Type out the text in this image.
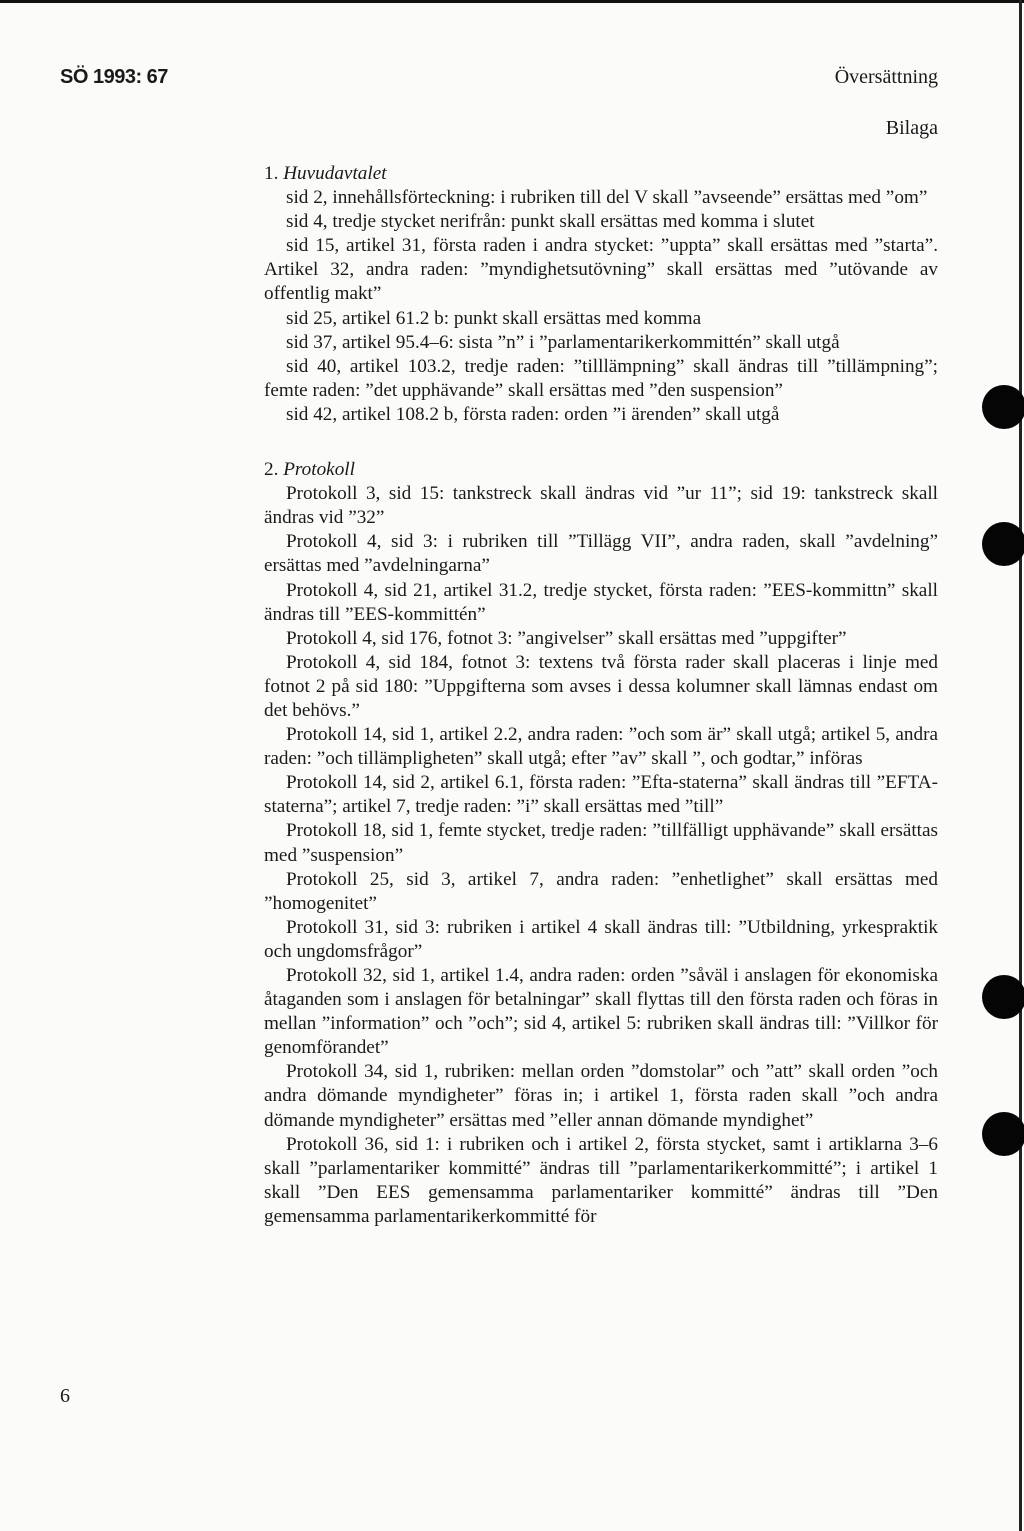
SÖ 1993: 67	Översättning
Bilaga
1. Huvudavtalet

sid 2, innehållsförteckning: i rubriken till del V skall ”avseende” ersättas med ”om”

sid 4, tredje stycket nerifrån: punkt skall ersättas med komma i slutet

sid 15, artikel 31, första raden i andra stycket: ”uppta” skall ersättas med ”starta”. Artikel 32, andra raden: ”myndighetsutövning” skall ersättas med ”utövande av offentlig makt”

sid 25, artikel 61.2 b: punkt skall ersättas med komma

sid 37, artikel 95.4–6: sista ”n” i ”parlamentarikerkommittén” skall utgå

sid 40, artikel 103.2, tredje raden: ”tilllämpning” skall ändras till ”tillämpning”; femte raden: ”det upphävande” skall ersättas med ”den suspension”

sid 42, artikel 108.2 b, första raden: orden ”i ärenden” skall utgå

2. Protokoll

Protokoll 3, sid 15: tankstreck skall ändras vid ”ur 11”; sid 19: tankstreck skall ändras vid ”32”

Protokoll 4, sid 3: i rubriken till ”Tillägg VII”, andra raden, skall ”avdelning” ersättas med ”avdelningarna”

Protokoll 4, sid 21, artikel 31.2, tredje stycket, första raden: ”EES-kommittn” skall ändras till ”EES-kommittén”

Protokoll 4, sid 176, fotnot 3: ”angivelser” skall ersättas med ”uppgifter”

Protokoll 4, sid 184, fotnot 3: textens två första rader skall placeras i linje med fotnot 2 på sid 180: ”Uppgifterna som avses i dessa kolumner skall lämnas endast om det behövs.”

Protokoll 14, sid 1, artikel 2.2, andra raden: ”och som är” skall utgå; artikel 5, andra raden: ”och tillämpligheten” skall utgå; efter ”av” skall ”, och godtar,” införas

Protokoll 14, sid 2, artikel 6.1, första raden: ”Efta-staterna” skall ändras till ”EFTA-staterna”; artikel 7, tredje raden: ”i” skall ersättas med ”till”

Protokoll 18, sid 1, femte stycket, tredje raden: ”tillfälligt upphävande” skall ersättas med ”suspension”

Protokoll 25, sid 3, artikel 7, andra raden: ”enhetlighet” skall ersättas med ”homogenitet”

Protokoll 31, sid 3: rubriken i artikel 4 skall ändras till: ”Utbildning, yrkespraktik och ungdomsfrågor”

Protokoll 32, sid 1, artikel 1.4, andra raden: orden ”såväl i anslagen för ekonomiska åtaganden som i anslagen för betalningar” skall flyttas till den första raden och föras in mellan ”information” och ”och”; sid 4, artikel 5: rubriken skall ändras till: ”Villkor för genomförandet”

Protokoll 34, sid 1, rubriken: mellan orden ”domstolar” och ”att” skall orden ”och andra dömande myndigheter” föras in; i artikel 1, första raden skall ”och andra dömande myndigheter” ersättas med ”eller annan dömande myndighet”

Protokoll 36, sid 1: i rubriken och i artikel 2, första stycket, samt i artiklarna 3–6 skall ”parlamentariker kommitté” ändras till ”parlamentarikerkommitté”; i artikel 1 skall ”Den EES gemensamma parlamentariker kommitté” ändras till ”Den gemensamma parlamentarikerkommitté för

6
